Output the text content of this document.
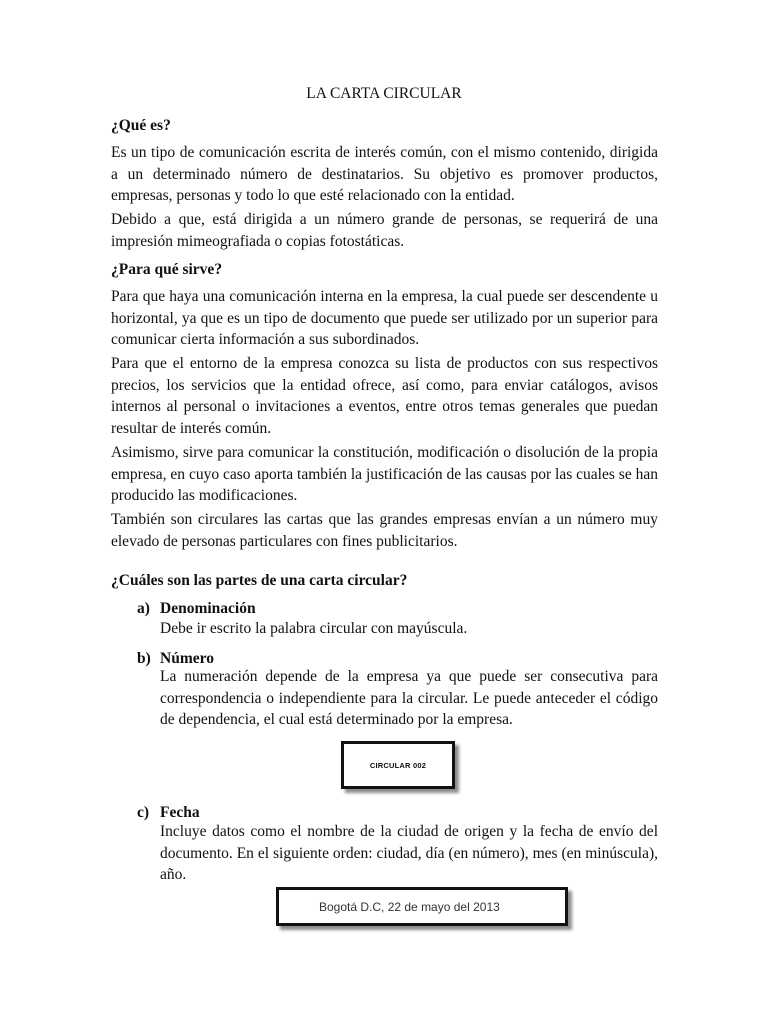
LA CARTA CIRCULAR

¿Qué es?

Es un tipo de comunicación escrita de interés común, con el mismo contenido, dirigida a un determinado número de destinatarios. Su objetivo es promover productos, empresas, personas y todo lo que esté relacionado con la entidad.

Debido a que, está dirigida a un número grande de personas, se requerirá de una impresión mimeografiada o copias fotostáticas.

¿Para qué sirve?

Para que haya una comunicación interna en la empresa, la cual puede ser descendente u horizontal, ya que es un tipo de documento que puede ser utilizado por un superior para comunicar cierta información a sus subordinados.

Para que el entorno de la empresa conozca su lista de productos con sus respectivos precios, los servicios que la entidad ofrece, así como, para enviar catálogos, avisos internos al personal o invitaciones a eventos, entre otros temas generales que puedan resultar de interés común.

Asimismo, sirve para comunicar la constitución, modificación o disolución de la propia empresa, en cuyo caso aporta también la justificación de las causas por las cuales se han producido las modificaciones.

También son circulares las cartas que las grandes empresas envían a un número muy elevado de personas particulares con fines publicitarios.

¿Cuáles son las partes de una carta circular?

a) Denominación

Debe ir escrito la palabra circular con mayúscula.

b) Número

La numeración depende de la empresa ya que puede ser consecutiva para correspondencia o independiente para la circular. Le puede anteceder el código de dependencia, el cual está determinado por la empresa.

CIRCULAR 002
c) Fecha

Incluye datos como el nombre de la ciudad de origen y la fecha de envío del documento. En el siguiente orden: ciudad, día (en número), mes (en minúscula), año.

Bogotá D.C, 22 de mayo del 2013
